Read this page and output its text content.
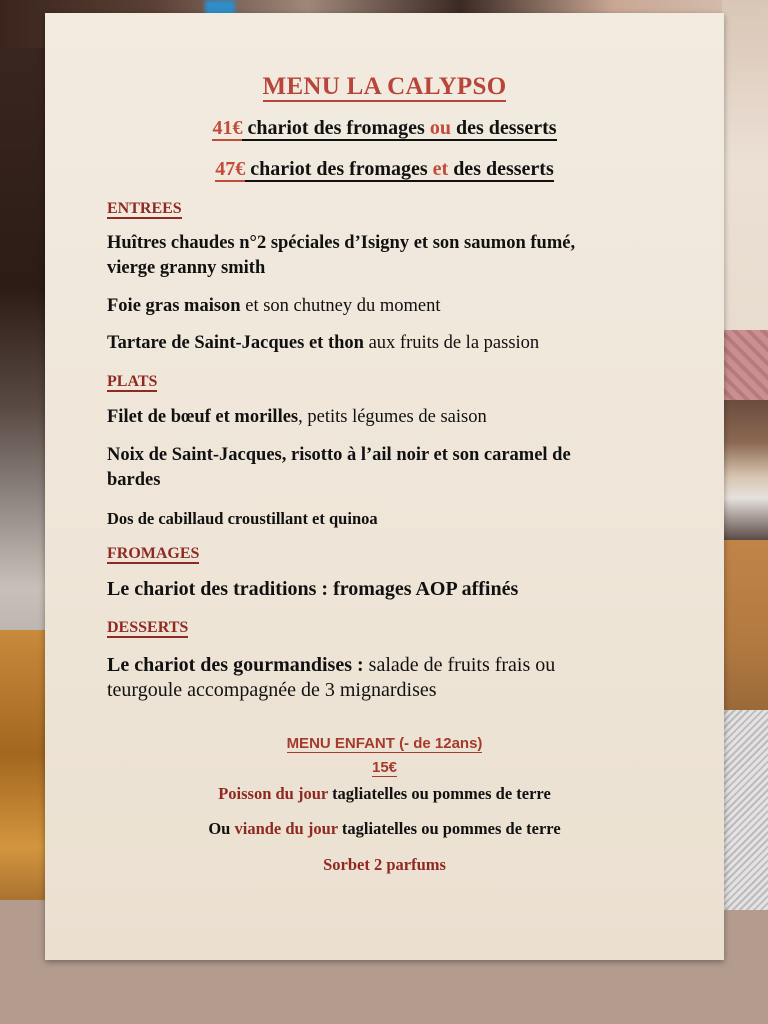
MENU LA CALYPSO
41€ chariot des fromages ou des desserts
47€ chariot des fromages et des desserts
ENTREES
Huîtres chaudes n°2 spéciales d’Isigny et son saumon fumé,
vierge granny smith
Foie gras maison et son chutney du moment
Tartare de Saint-Jacques et thon aux fruits de la passion
PLATS
Filet de bœuf et morilles, petits légumes de saison
Noix de Saint-Jacques, risotto à l’ail noir et son caramel de
bardes
Dos de cabillaud croustillant et quinoa
FROMAGES
Le chariot des traditions : fromages AOP affinés
DESSERTS
Le chariot des gourmandises : salade de fruits frais ou
teurgoule accompagnée de 3 mignardises
MENU ENFANT (- de 12ans)
15€
Poisson du jour tagliatelles ou pommes de terre
Ou viande du jour tagliatelles ou pommes de terre
Sorbet 2 parfums
